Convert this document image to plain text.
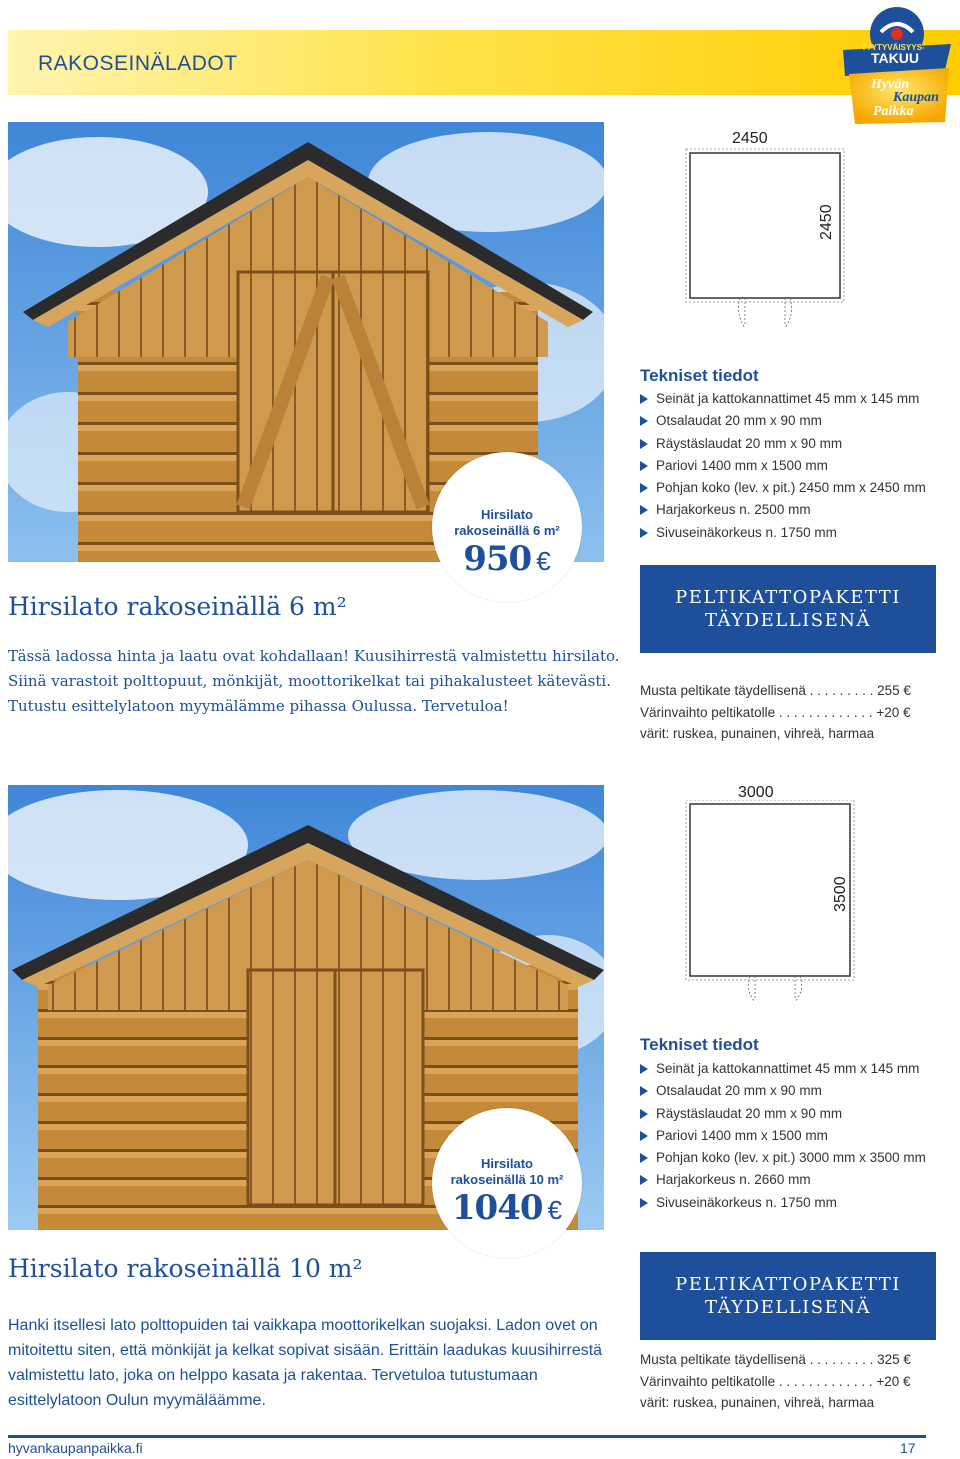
RAKOSEINÄLADOT
TYYTYVÄISYYS-
TAKUU
Hyvän
Kaupan
Paikka
Hirsilato
rakoseinällä 6 m²
950 €
2450
2450
Tekniset tiedot
Seinät ja kattokannattimet 45 mm x 145 mm
Otsalaudat 20 mm x 90 mm
Räystäslaudat 20 mm x 90 mm
Pariovi 1400 mm x 1500 mm
Pohjan koko (lev. x pit.) 2450 mm x 2450 mm
Harjakorkeus n. 2500 mm
Sivuseinäkorkeus n. 1750 mm
Hirsilato rakoseinällä 6 m²
Tässä ladossa hinta ja laatu ovat kohdallaan! Kuusihirrestä valmistettu hirsilato. Siinä varastoit polttopuut, mönkijät, moottorikelkat tai pihakalusteet kätevästi. Tutustu esittelylatoon myymälämme pihassa Oulussa. Tervetuloa!
PELTIKATTOPAKETTI
TÄYDELLISENÄ
Musta peltikate täydellisenä . . . . . . . . . 255 €
Värinvaihto peltikatolle . . . . . . . . . . . . . +20 €
värit: ruskea, punainen, vihreä, harmaa
Hirsilato
rakoseinällä 10 m²
1040 €
3000
3500
Tekniset tiedot
Seinät ja kattokannattimet 45 mm x 145 mm
Otsalaudat 20 mm x 90 mm
Räystäslaudat 20 mm x 90 mm
Pariovi 1400 mm x 1500 mm
Pohjan koko (lev. x pit.) 3000 mm x 3500 mm
Harjakorkeus n. 2660 mm
Sivuseinäkorkeus n. 1750 mm
Hirsilato rakoseinällä 10 m²
Hanki itsellesi lato polttopuiden tai vaikkapa moottorikelkan suojaksi. Ladon ovet on mitoitettu siten, että mönkijät ja kelkat sopivat sisään. Erittäin laadukas kuusihirrestä valmistettu lato, joka on helppo kasata ja rakentaa. Tervetuloa tutustumaan esittelylatoon Oulun myymäläämme.
PELTIKATTOPAKETTI
TÄYDELLISENÄ
Musta peltikate täydellisenä . . . . . . . . . 325 €
Värinvaihto peltikatolle . . . . . . . . . . . . . +20 €
värit: ruskea, punainen, vihreä, harmaa
hyvankaupanpaikka.fi	17
